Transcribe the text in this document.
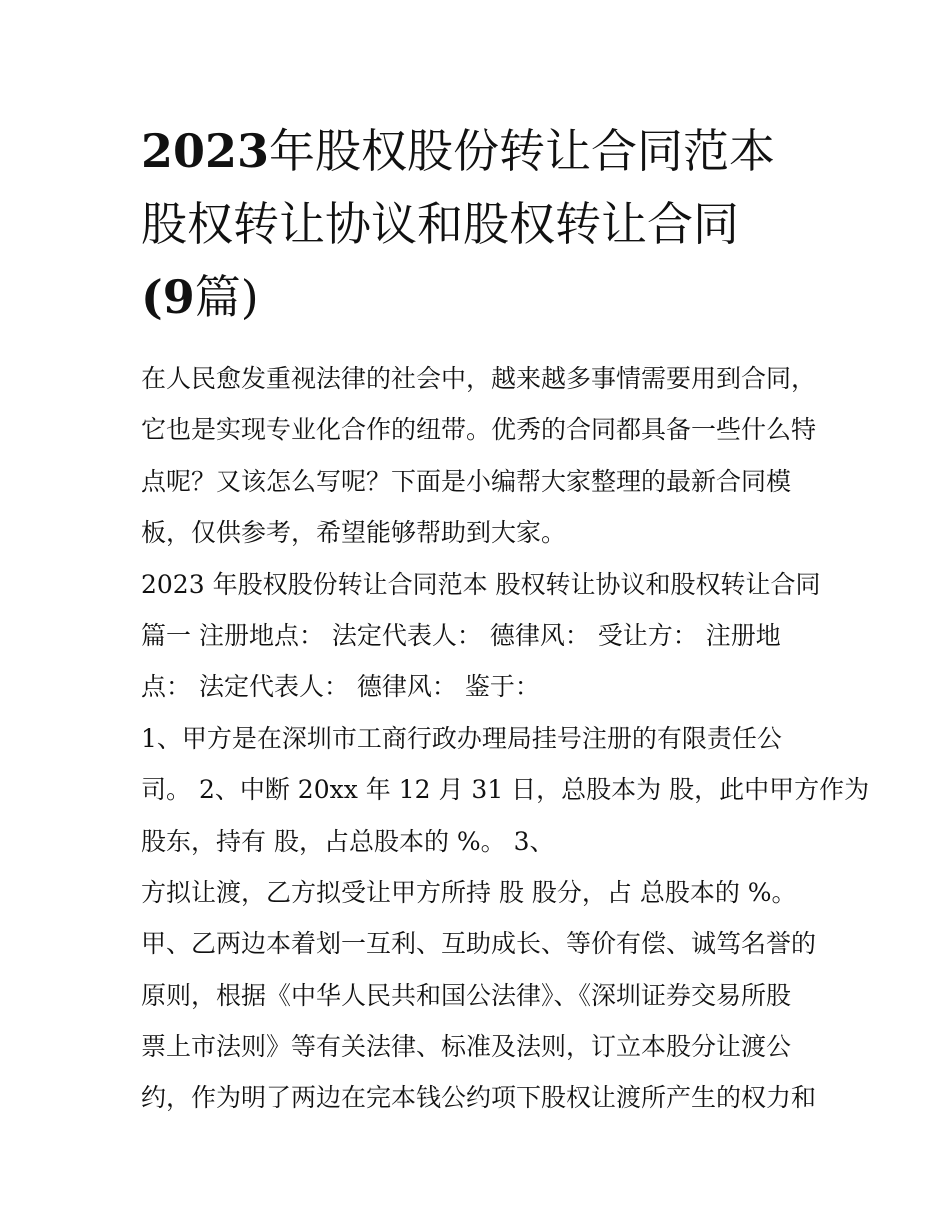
2023年股权股份转让合同范本
股权转让协议和股权转让合同
(9篇)
在人民愈发重视法律的社会中，越来越多事情需要用到合同，
它也是实现专业化合作的纽带。优秀的合同都具备一些什么特
点呢？又该怎么写呢？下面是小编帮大家整理的最新合同模
板，仅供参考，希望能够帮助到大家。
2023 年股权股份转让合同范本 股权转让协议和股权转让合同
篇一 注册地点： 法定代表人： 德律风： 受让方： 注册地
点： 法定代表人： 德律风： 鉴于：
1、甲方是在深圳市工商行政办理局挂号注册的有限责任公
司。 2、中断 20xx 年 12 月 31 日，总股本为 股，此中甲方作为
股东，持有 股，占总股本的 %。 3、
方拟让渡，乙方拟受让甲方所持 股 股分，占 总股本的 %。
甲、乙两边本着划一互利、互助成长、等价有偿、诚笃名誉的
原则，根据《中华人民共和国公法律》、《深圳证券交易所股
票上市法则》等有关法律、标准及法则，订立本股分让渡公
约，作为明了两边在完本钱公约项下股权让渡所产生的权力和
